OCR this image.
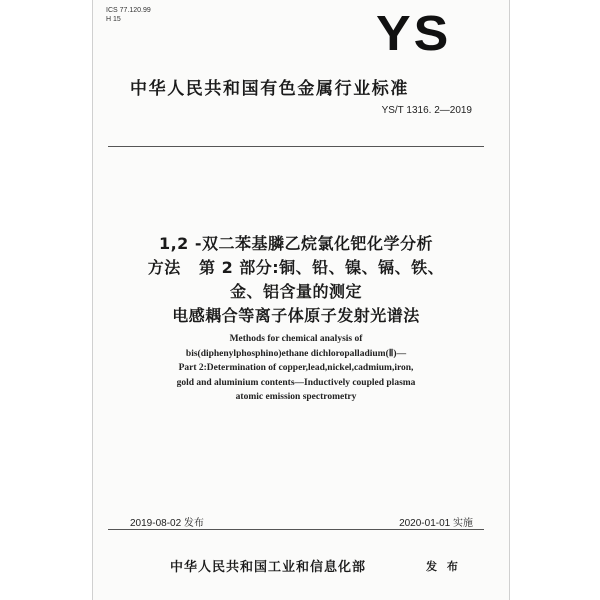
ICS 77.120.99
H 15	YS
中华人民共和国有色金属行业标准
YS/T 1316. 2—2019
1,2 -双二苯基膦乙烷氯化钯化学分析
方法   第 2 部分:铜、铅、镍、镉、铁、
金、铝含量的测定
电感耦合等离子体原子发射光谱法
Methods for chemical analysis of
bis(diphenylphosphino)ethane dichloropalladium(Ⅱ)—
Part 2:Determination of copper,lead,nickel,cadmium,iron,
gold and aluminium contents—Inductively coupled plasma
atomic emission spectrometry
2019-08-02 发布	2020-01-01 实施
中华人民共和国工业和信息化部	发 布
